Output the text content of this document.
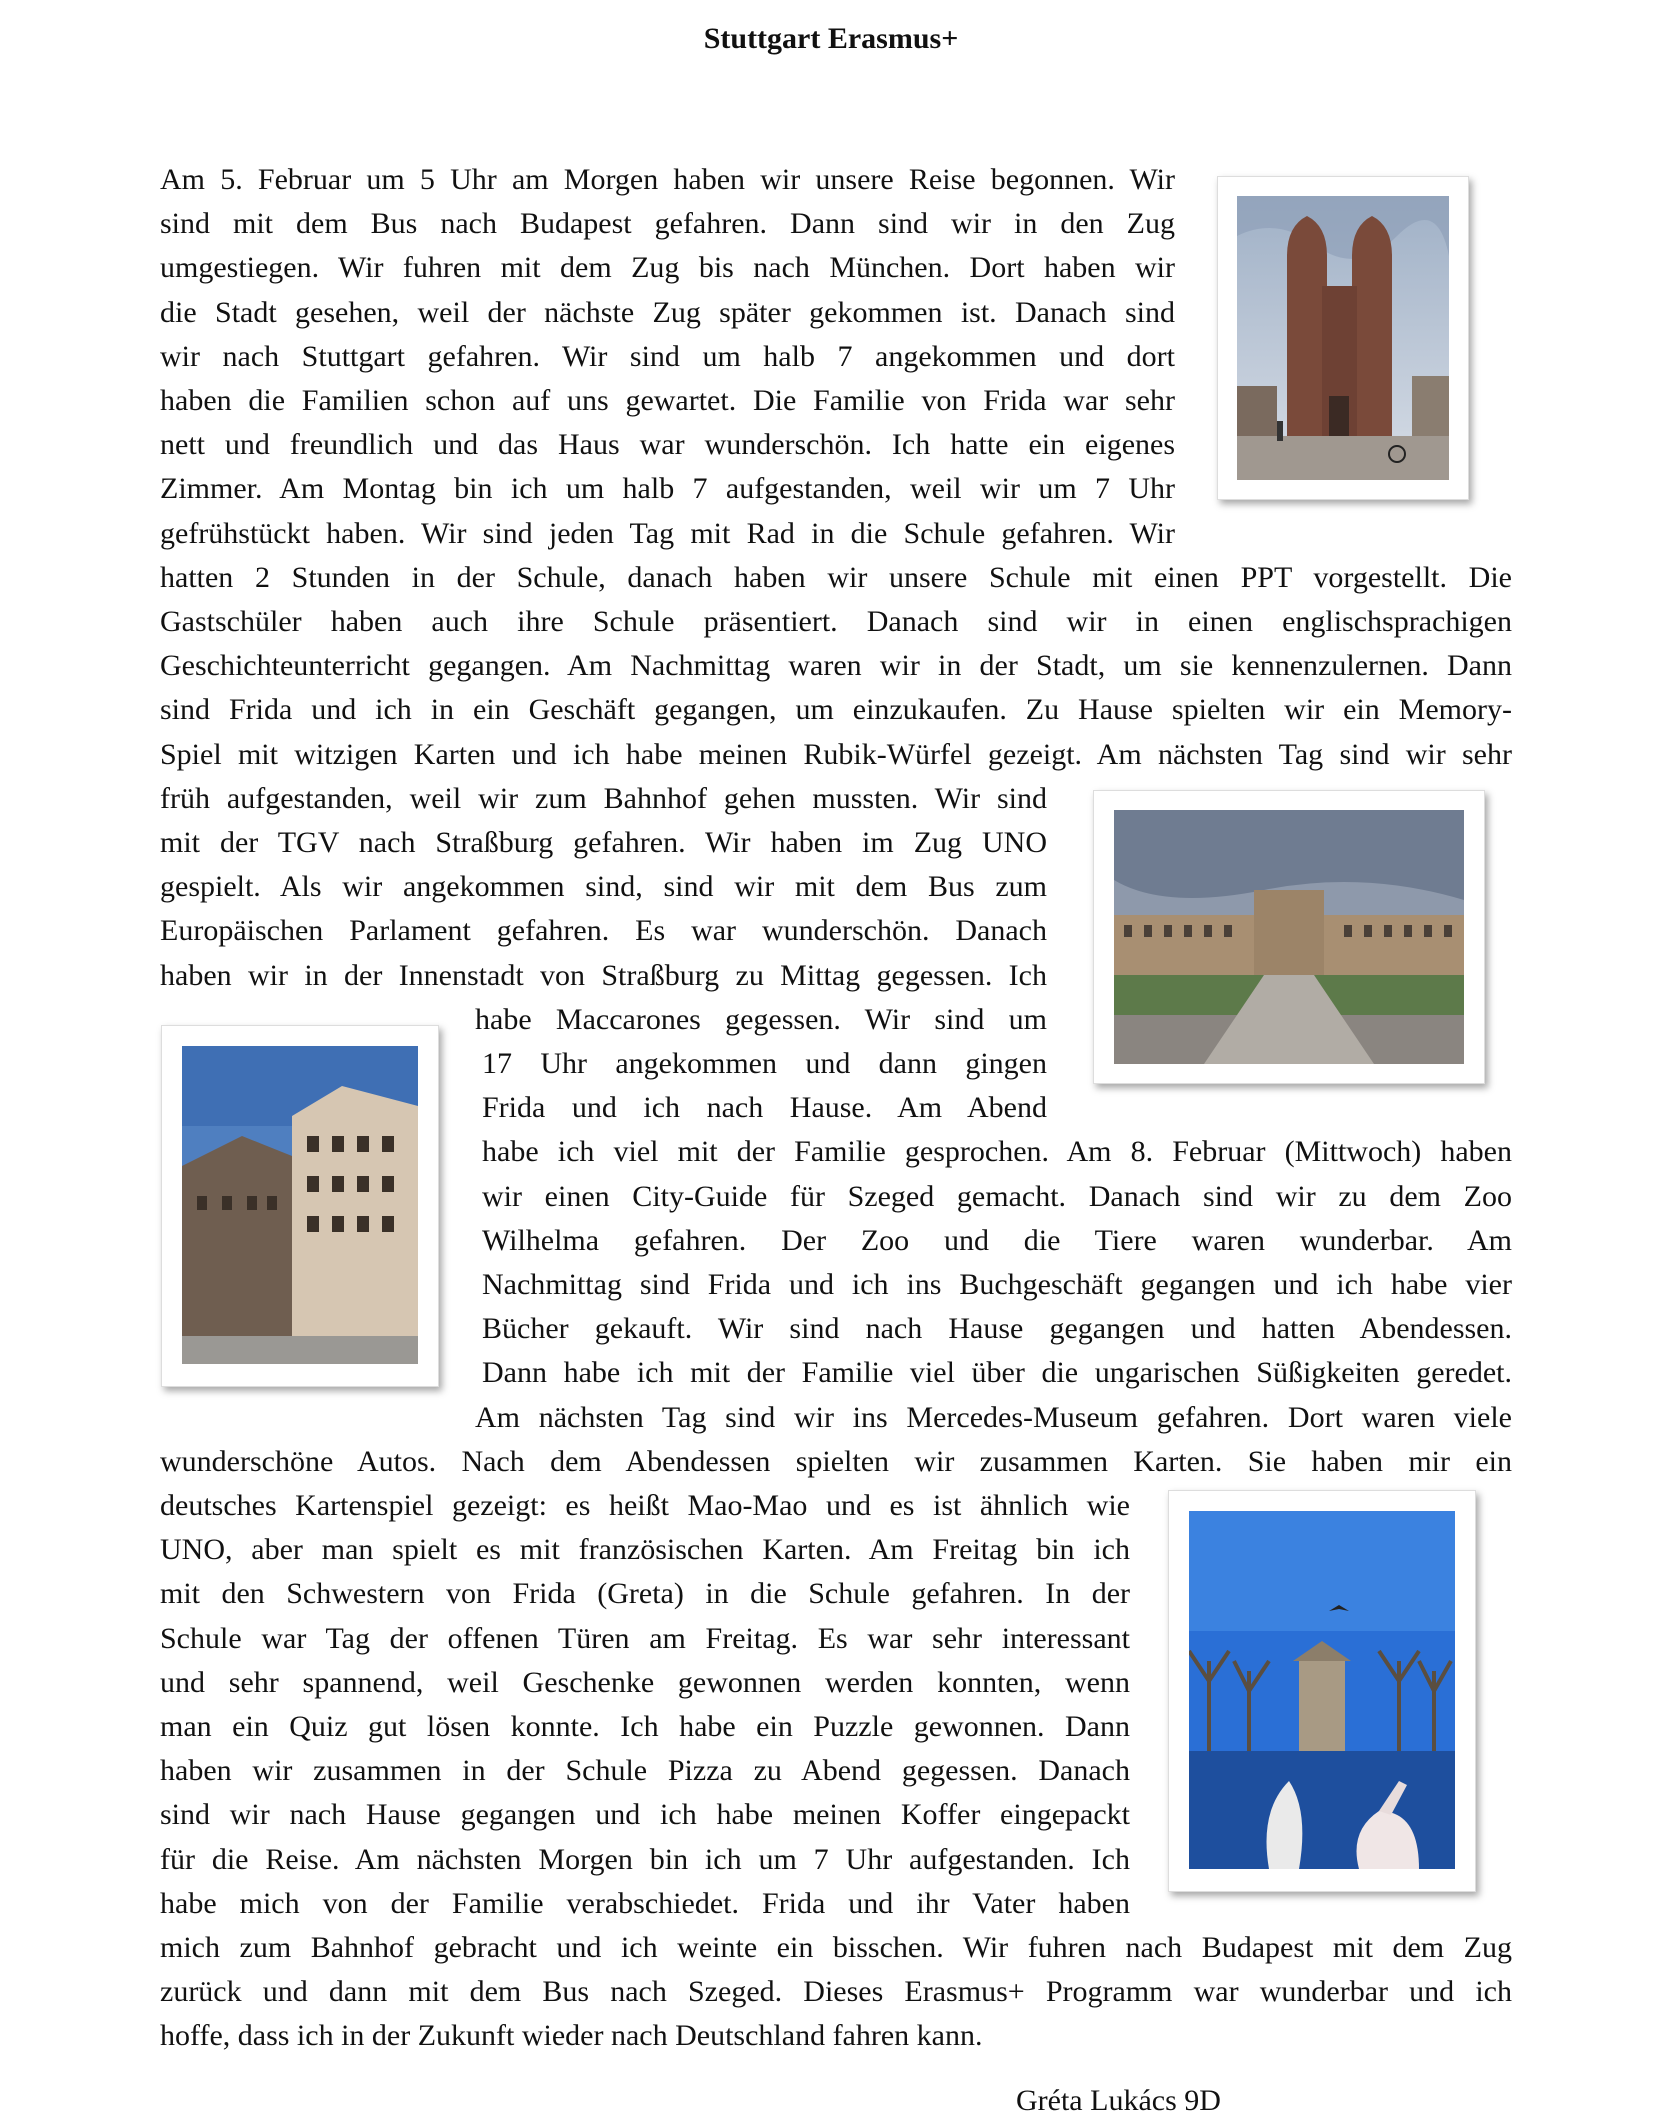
Stuttgart Erasmus+
Am 5. Februar um 5 Uhr am Morgen haben wir unsere Reise begonnen. Wir
sind mit dem Bus nach Budapest gefahren. Dann sind wir in den Zug
umgestiegen. Wir fuhren mit dem Zug bis nach München. Dort haben wir
die Stadt gesehen, weil der nächste Zug später gekommen ist. Danach sind
wir nach Stuttgart gefahren. Wir sind um halb 7 angekommen und dort
haben die Familien schon auf uns gewartet. Die Familie von Frida war sehr
nett und freundlich und das Haus war wunderschön. Ich hatte ein eigenes
Zimmer. Am Montag bin ich um halb 7 aufgestanden, weil wir um 7 Uhr
gefrühstückt haben. Wir sind jeden Tag mit Rad in die Schule gefahren. Wir
hatten 2 Stunden in der Schule, danach haben wir unsere Schule mit einen PPT vorgestellt. Die
Gastschüler haben auch ihre Schule präsentiert. Danach sind wir in einen englischsprachigen
Geschichteunterricht gegangen. Am Nachmittag waren wir in der Stadt, um sie kennenzulernen. Dann
sind Frida und ich in ein Geschäft gegangen, um einzukaufen. Zu Hause spielten wir ein Memory-
Spiel mit witzigen Karten und ich habe meinen Rubik-Würfel gezeigt. Am nächsten Tag sind wir sehr
früh aufgestanden, weil wir zum Bahnhof gehen mussten. Wir sind
mit der TGV nach Straßburg gefahren. Wir haben im Zug UNO
gespielt. Als wir angekommen sind, sind wir mit dem Bus zum
Europäischen Parlament gefahren. Es war wunderschön. Danach
haben wir in der Innenstadt von Straßburg zu Mittag gegessen. Ich
habe Maccarones gegessen. Wir sind um
17 Uhr angekommen und dann gingen
Frida und ich nach Hause. Am Abend
habe ich viel mit der Familie gesprochen. Am 8. Februar (Mittwoch) haben
wir einen City-Guide für Szeged gemacht. Danach sind wir zu dem Zoo
Wilhelma gefahren. Der Zoo und die Tiere waren wunderbar. Am
Nachmittag sind Frida und ich ins Buchgeschäft gegangen und ich habe vier
Bücher gekauft. Wir sind nach Hause gegangen und hatten Abendessen.
Dann habe ich mit der Familie viel über die ungarischen Süßigkeiten geredet.
Am nächsten Tag sind wir ins Mercedes-Museum gefahren. Dort waren viele
wunderschöne Autos. Nach dem Abendessen spielten wir zusammen Karten. Sie haben mir ein
deutsches Kartenspiel gezeigt: es heißt Mao-Mao und es ist ähnlich wie
UNO, aber man spielt es mit französischen Karten. Am Freitag bin ich
mit den Schwestern von Frida (Greta) in die Schule gefahren. In der
Schule war Tag der offenen Türen am Freitag. Es war sehr interessant
und sehr spannend, weil Geschenke gewonnen werden konnten, wenn
man ein Quiz gut lösen konnte. Ich habe ein Puzzle gewonnen. Dann
haben wir zusammen in der Schule Pizza zu Abend gegessen. Danach
sind wir nach Hause gegangen und ich habe meinen Koffer eingepackt
für die Reise. Am nächsten Morgen bin ich um 7 Uhr aufgestanden. Ich
habe mich von der Familie verabschiedet. Frida und ihr Vater haben
mich zum Bahnhof gebracht und ich weinte ein bisschen. Wir fuhren nach Budapest mit dem Zug
zurück und dann mit dem Bus nach Szeged. Dieses Erasmus+ Programm war wunderbar und ich
hoffe, dass ich in der Zukunft wieder nach Deutschland fahren kann.
Gréta Lukács 9D
